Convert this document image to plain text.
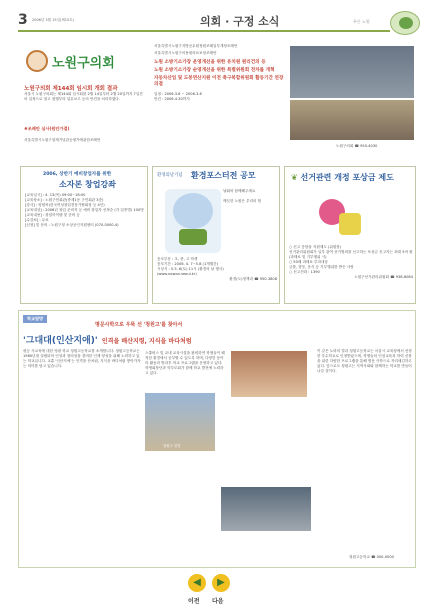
3 2006년 3월 15일(제15호)	의회 · 구정 소식	푸른 노원
노원구의회
노원구의회 제144회 임시회 개회 결과
서울시 노원구의회는 제144회 임시회를 2월 14일부터 2월 20일까지 7일간의 일정으로 열고 집행부의 업무보고 등의 안건을 처리하였다.
♣조례안 심사(원안가결)
서울특별시노원구청계기념관등평가에관한조례안
서울특별시노원구지방공무원정원조례일부개정조례안
서울특별시노원구의용원의료보험조례안
노원 소방기소가장 운영개선을 위한 유치원 원리건의 등
노원 소방기소가장 순영개선을 위한 특별위원회 전차를 개혁
자동차산업 및 도봉면산지원 이전 축구복합위원회 활동기간 연장 의결
일정 : 2006.3.6 ~ 2006.3.8
안건 : 2006.4.30까지
노원구의회 ☎ 950-4030
2006, 상반기 예비창업자를 위한
소자본 창업강좌
[교육일시] : 4. 13(목) 09:00~18:00
[교육장소] : 노원구민회관(중계1동 구민회관 3층)
[강사] : 양원씨(한국여성창업전문가협회장 등 4인)
[교육대상] : 2006년 창업 준비자 등 예비 창업자 선착순 (각 업종별) 100명
[교육내용] : 창업아이템 및 준비 등
[수강료] : 무료
[신청] 및 문의 : 노원구청 소상공인지원센터 (070-0000-4)
환경의날기념 환경포스터전 공모
날뛰어 함께해주세요
깨끗한 노원은 우리의 힘
응모부문 : 초, 중, 고 학생
응모기간 : 2006. 4. 7~5.8 (1개월간)
시상식 : 5.5. 6(토) 11시 (환경의 날 행사)
(www.nowon.seoul.kr)
환경(도)정책과 ☎ 950-3808
❦ 선거관련 개정 포상금 제도
○ 신고 응답을 지원제도 (위원장)
선거관리위원회가 일부 관여 선거범죄를 신고하는 포상금 신고자는 최대 5억 원(과태료 및 기부행위 시)
○ 50배 과태료 부과대상
금품, 향응, 음식 등 기부행위를 받은 사람
○ 신고전화 : 1390
노원구선거관리위원회 ☎ 938-6084
학교탐방
명문사학으로 우뚝 선 '청원고'를 찾아서
'그대대(인산지애)' 인격을 배산지령, 지식을 바다처럼
평등 사교육에 대한 영광 학교 청원고등학교를 소개합니다. 청원고등학교는 1980년대 설립되어 인성과 창의성을 겸비한 인재 양성을 위해 노력하고 있는 학교입니다. 교훈 '인산지애'는 인격을 산처럼, 지식을 바다처럼 쌓아가자는 의미를 담고 있습니다.
청원고 전경
스쿨버스 및 교내 교육시설을 완비하여 학생들이 쾌적한 환경에서 공부할 수 있도록 하며, 다양한 동아리 활동과 방과후 학교 프로그램을 운영하고 있다. 학생회장단과 학부모회가 함께 학교 발전에 노력하고 있다.
이 같은 노력의 결과 청원고등학교는 서울시 교육청에서 선정한 우수학교로 인정받았으며, 학생들의 인성교육과 학력 신장을 위한 다양한 프로그램을 통해 명문 사학으로 자리매김하고 있다. 앞으로도 청원고는 지역사회와 함께하는 학교를 만들어 나갈 것이다.
청원고등학교 ☎ 000-0000
◀	▶
이전 다음
